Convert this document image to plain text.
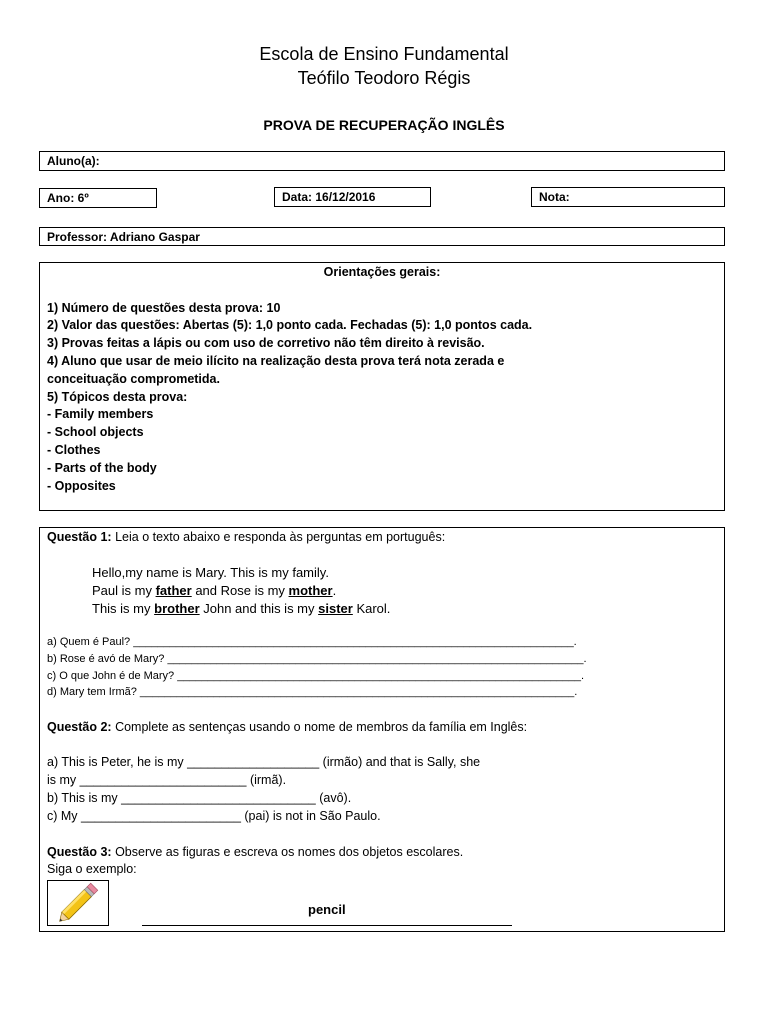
Escola de Ensino Fundamental
Teófilo Teodoro Régis
PROVA DE RECUPERAÇÃO INGLÊS
Aluno(a):
Ano: 6º	Data: 16/12/2016	Nota:
Professor: Adriano Gaspar
Orientações gerais:
1) Número de questões desta prova: 10
2) Valor das questões: Abertas (5): 1,0 ponto cada. Fechadas (5): 1,0 pontos cada.
3) Provas feitas a lápis ou com uso de corretivo não têm direito à revisão.
4) Aluno que usar de meio ilícito na realização desta prova terá nota zerada e
conceituação comprometida.
5) Tópicos desta prova:
- Family members
- School objects
- Clothes
- Parts of the body
- Opposites
Questão 1: Leia o texto abaixo e responda às perguntas em português:
Hello,my name is Mary. This is my family.
Paul is my father and Rose is my mother.
This is my brother John and this is my sister Karol.
a) Quem é Paul? ________________________________________________________________________.
b) Rose é avó de Mary? ____________________________________________________________________.
c) O que John é de Mary? __________________________________________________________________.
d) Mary tem Irmã? _______________________________________________________________________.
Questão 2: Complete as sentenças usando o nome de membros da família em Inglês:
a) This is Peter, he is my ___________________ (irmão) and that is Sally, she
is my ________________________ (irmã).
b) This is my ____________________________ (avô).
c) My _______________________ (pai) is not in São Paulo.
Questão 3: Observe as figuras e escreva os nomes dos objetos escolares.
Siga o exemplo:
pencil
